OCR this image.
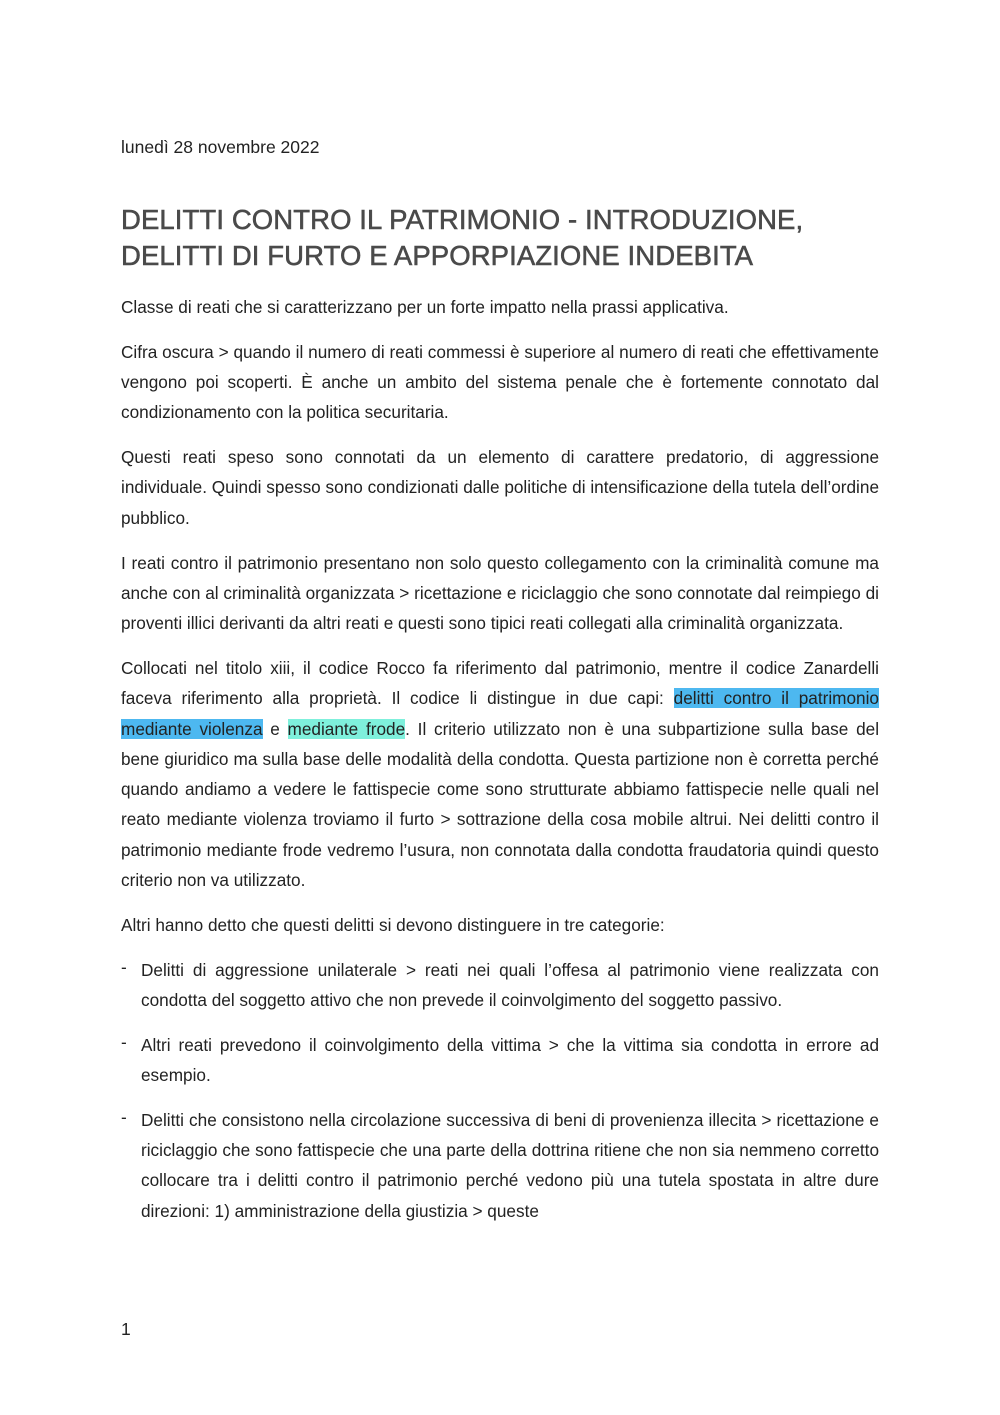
lunedì 28 novembre 2022
DELITTI CONTRO IL PATRIMONIO - INTRODUZIONE, DELITTI DI FURTO E APPORPIAZIONE INDEBITA

Classe di reati che si caratterizzano per un forte impatto nella prassi applicativa.

Cifra oscura > quando il numero di reati commessi è superiore al numero di reati che effettivamente vengono poi scoperti. È anche un ambito del sistema penale che è fortemente connotato dal condizionamento con la politica securitaria.

Questi reati speso sono connotati da un elemento di carattere predatorio, di aggressione individuale. Quindi spesso sono condizionati dalle politiche di intensificazione della tutela dell’ordine pubblico.

I reati contro il patrimonio presentano non solo questo collegamento con la criminalità comune ma anche con al criminalità organizzata > ricettazione e riciclaggio che sono connotate dal reimpiego di proventi illici derivanti da altri reati e questi sono tipici reati collegati alla criminalità organizzata.

Collocati nel titolo xiii, il codice Rocco fa riferimento dal patrimonio, mentre il codice Zanardelli faceva riferimento alla proprietà. Il codice li distingue in due capi: delitti contro il patrimonio mediante violenza e mediante frode. Il criterio utilizzato non è una subpartizione sulla base del bene giuridico ma sulla base delle modalità della condotta. Questa partizione non è corretta perché quando andiamo a vedere le fattispecie come sono strutturate abbiamo fattispecie nelle quali nel reato mediante violenza troviamo il furto > sottrazione della cosa mobile altrui. Nei delitti contro il patrimonio mediante frode vedremo l’usura, non connotata dalla condotta fraudatoria quindi questo criterio non va utilizzato.

Altri hanno detto che questi delitti si devono distinguere in tre categorie:

- Delitti di aggressione unilaterale > reati nei quali l’offesa al patrimonio viene realizzata con condotta del soggetto attivo che non prevede il coinvolgimento del soggetto passivo.
- Altri reati prevedono il coinvolgimento della vittima > che la vittima sia condotta in errore ad esempio.
- Delitti che consistono nella circolazione successiva di beni di provenienza illecita > ricettazione e riciclaggio che sono fattispecie che una parte della dottrina ritiene che non sia nemmeno corretto collocare tra i delitti contro il patrimonio perché vedono più una tutela spostata in altre dure direzioni: 1) amministrazione della giustizia > queste
1
